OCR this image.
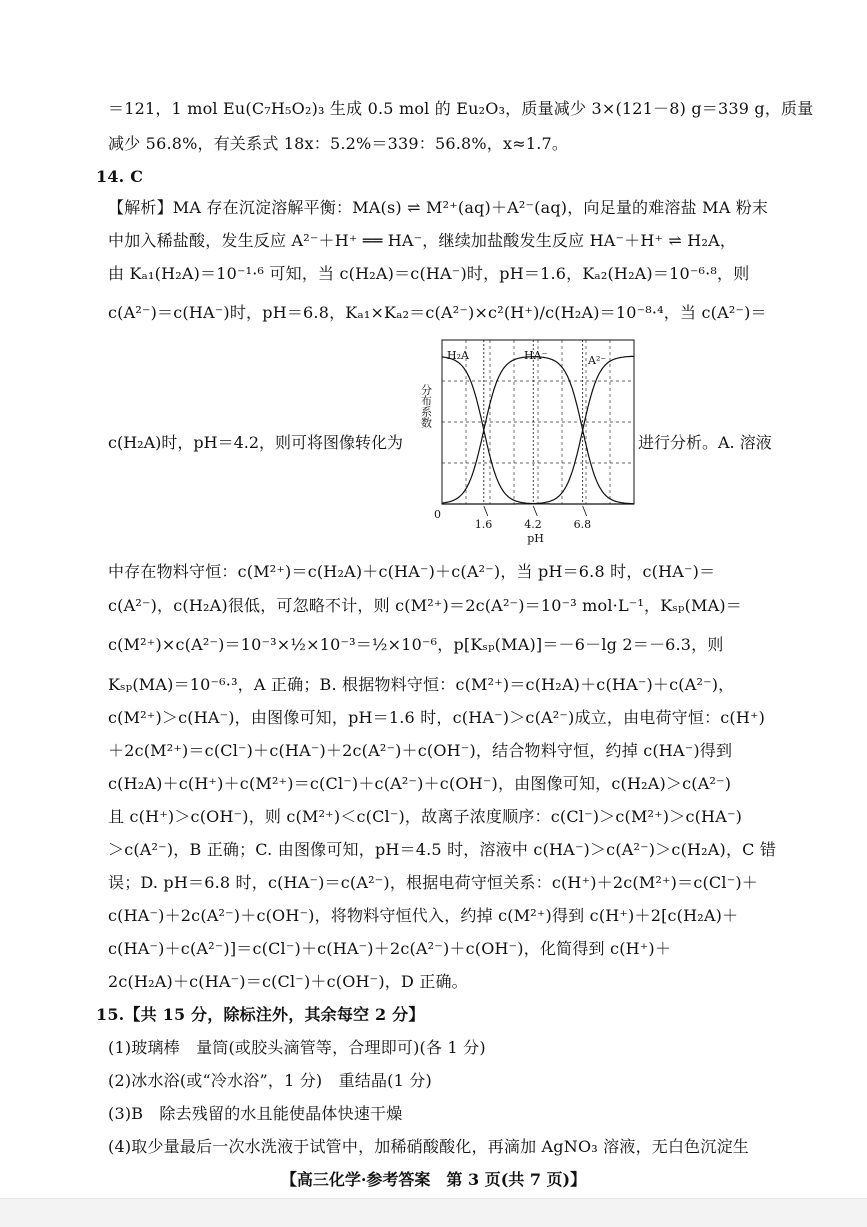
＝121，1 mol Eu(C₇H₅O₂)₃ 生成 0.5 mol 的 Eu₂O₃，质量减少 3×(121－8) g＝339 g，质量
减少 56.8%，有关系式 18x：5.2%＝339：56.8%，x≈1.7。
14. C
【解析】MA 存在沉淀溶解平衡：MA(s) ⇌ M²⁺(aq)＋A²⁻(aq)，向足量的难溶盐 MA 粉末
中加入稀盐酸，发生反应 A²⁻＋H⁺ ══ HA⁻，继续加盐酸发生反应 HA⁻＋H⁺ ⇌ H₂A，
由 Kₐ₁(H₂A)＝10⁻¹·⁶ 可知，当 c(H₂A)＝c(HA⁻)时，pH＝1.6，Kₐ₂(H₂A)＝10⁻⁶·⁸，则
c(A²⁻)＝c(HA⁻)时，pH＝6.8，Kₐ₁×Kₐ₂＝c(A²⁻)×c²(H⁺)/c(H₂A)＝10⁻⁸·⁴，当 c(A²⁻)＝
c(H₂A)时，pH＝4.2，则可将图像转化为
H₂A	HA⁻	A²⁻
分布系数
0
1.6	4.2	6.8
pH
进行分析。A. 溶液
中存在物料守恒：c(M²⁺)＝c(H₂A)＋c(HA⁻)＋c(A²⁻)，当 pH＝6.8 时，c(HA⁻)＝
c(A²⁻)，c(H₂A)很低，可忽略不计，则 c(M²⁺)＝2c(A²⁻)＝10⁻³ mol·L⁻¹，Kₛₚ(MA)＝
c(M²⁺)×c(A²⁻)＝10⁻³×½×10⁻³＝½×10⁻⁶，p[Kₛₚ(MA)]＝－6－lg 2＝－6.3，则
Kₛₚ(MA)＝10⁻⁶·³，A 正确；B. 根据物料守恒：c(M²⁺)＝c(H₂A)＋c(HA⁻)＋c(A²⁻)，
c(M²⁺)＞c(HA⁻)，由图像可知，pH＝1.6 时，c(HA⁻)＞c(A²⁻)成立，由电荷守恒：c(H⁺)
＋2c(M²⁺)＝c(Cl⁻)＋c(HA⁻)＋2c(A²⁻)＋c(OH⁻)，结合物料守恒，约掉 c(HA⁻)得到
c(H₂A)＋c(H⁺)＋c(M²⁺)＝c(Cl⁻)＋c(A²⁻)＋c(OH⁻)，由图像可知，c(H₂A)＞c(A²⁻)
且 c(H⁺)＞c(OH⁻)，则 c(M²⁺)＜c(Cl⁻)，故离子浓度顺序：c(Cl⁻)＞c(M²⁺)＞c(HA⁻)
＞c(A²⁻)，B 正确；C. 由图像可知，pH＝4.5 时，溶液中 c(HA⁻)＞c(A²⁻)＞c(H₂A)，C 错
误；D. pH＝6.8 时，c(HA⁻)＝c(A²⁻)，根据电荷守恒关系：c(H⁺)＋2c(M²⁺)＝c(Cl⁻)＋
c(HA⁻)＋2c(A²⁻)＋c(OH⁻)，将物料守恒代入，约掉 c(M²⁺)得到 c(H⁺)＋2[c(H₂A)＋
c(HA⁻)＋c(A²⁻)]＝c(Cl⁻)＋c(HA⁻)＋2c(A²⁻)＋c(OH⁻)，化简得到 c(H⁺)＋
2c(H₂A)＋c(HA⁻)＝c(Cl⁻)＋c(OH⁻)，D 正确。
15.【共 15 分，除标注外，其余每空 2 分】
(1)玻璃棒　量筒(或胶头滴管等，合理即可)(各 1 分)
(2)冰水浴(或“冷水浴”，1 分)　重结晶(1 分)
(3)B　除去残留的水且能使晶体快速干燥
(4)取少量最后一次水洗液于试管中，加稀硝酸酸化，再滴加 AgNO₃ 溶液，无白色沉淀生
【高三化学·参考答案　第 3 页(共 7 页)】
